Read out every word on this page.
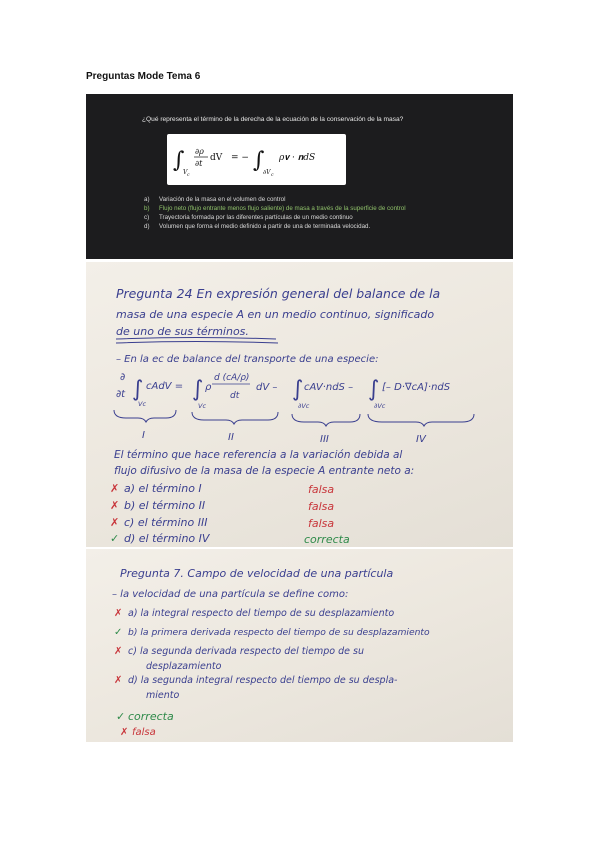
Preguntas Mode Tema 6
¿Qué representa el término de la derecha de la ecuación de la conservación de la masa?
∫
V c
∂ρ
∂t
dV = − ∫
∂V c
ρ𝐯 · 𝐧dS
a) Variación de la masa en el volumen de control
b) Flujo neto (flujo entrante menos flujo saliente) de masa a través de la superficie de control
c) Trayectoria formada por las diferentes partículas de un medio continuo
d) Volumen que forma el medio definido a partir de una de terminada velocidad.
Pregunta 24 En expresión general del balance de la
masa de una especie A en un medio continuo, significado
de uno de sus términos.
– En la ec de balance del transporte de una especie:
∂
∂t ∫
Vc
cAdV = ∫
Vc
ρ
d (cA/ρ)
dt
dV – ∫
∂Vc
cAV·ndS – ∫
∂Vc
[– D·∇cA]·ndS
I	II	III	IV
El término que hace referencia a la variación debida al
flujo difusivo de la masa de la especie A entrante neto a:
✗ a) el término I	falsa
✗ b) el término II	falsa
✗ c) el término III	falsa
✓ d) el término IV	correcta
Pregunta 7. Campo de velocidad de una partícula
– la velocidad de una partícula se define como:
✗ a) la integral respecto del tiempo de su desplazamiento
✓ b) la primera derivada respecto del tiempo de su desplazamiento
✗ c) la segunda derivada respecto del tiempo de su
desplazamiento
✗ d) la segunda integral respecto del tiempo de su despla-
miento
✓ correcta
✗ falsa
